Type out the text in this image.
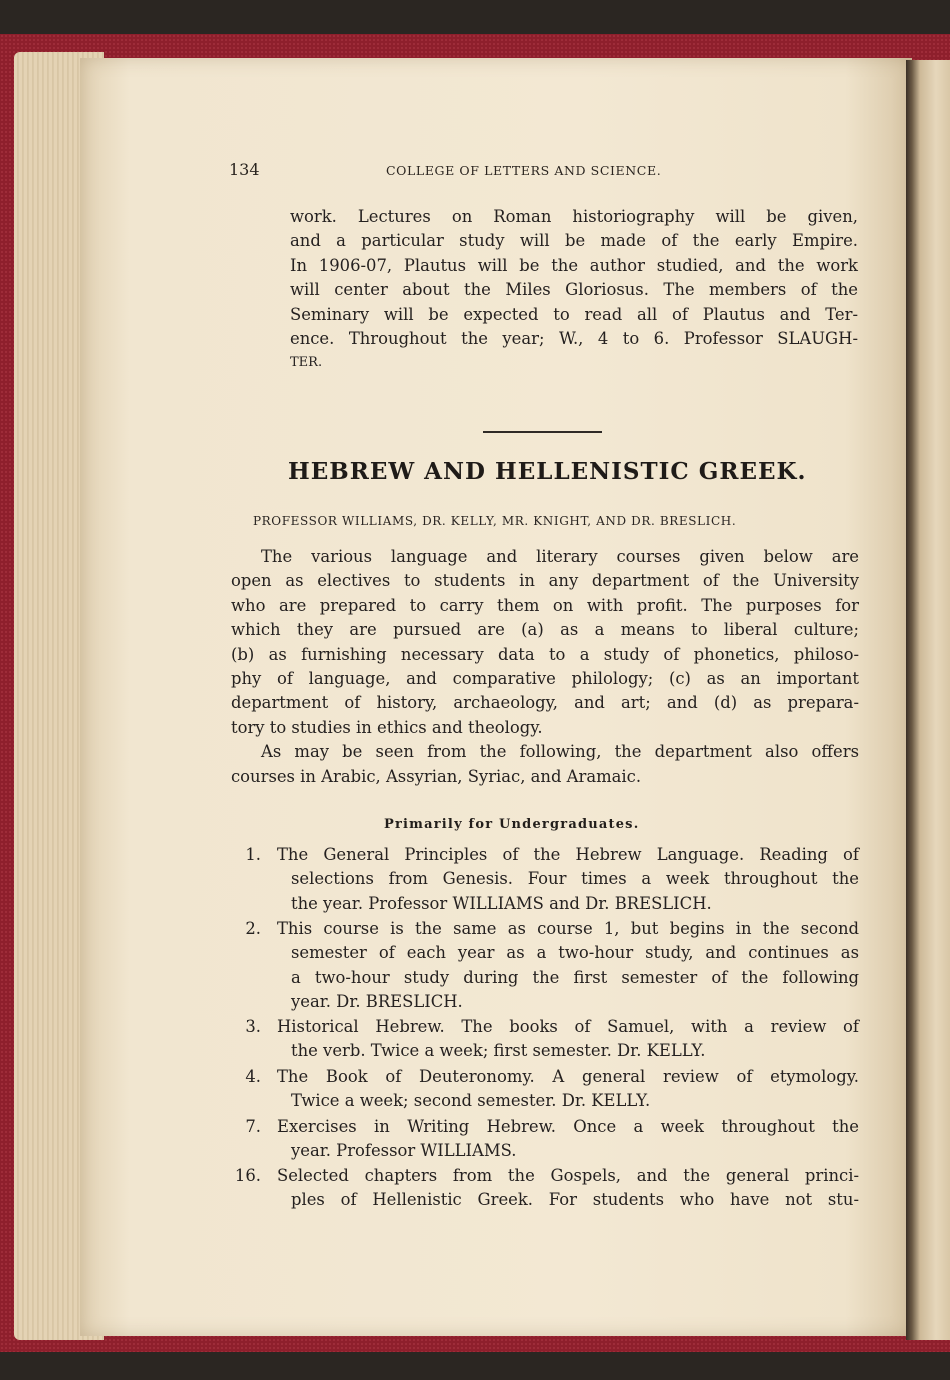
134	COLLEGE OF LETTERS AND SCIENCE.
work. Lectures on Roman historiography will be given,
and a particular study will be made of the early Empire.
In 1906-07, Plautus will be the author studied, and the work
will center about the Miles Gloriosus. The members of the
Seminary will be expected to read all of Plautus and Ter-
ence. Throughout the year; W., 4 to 6. Professor SLAUGH-
TER.
HEBREW AND HELLENISTIC GREEK.
PROFESSOR WILLIAMS, DR. KELLY, MR. KNIGHT, AND DR. BRESLICH.
The various language and literary courses given below are
open as electives to students in any department of the University
who are prepared to carry them on with profit. The purposes for
which they are pursued are (a) as a means to liberal culture;
(b) as furnishing necessary data to a study of phonetics, philoso-
phy of language, and comparative philology; (c) as an important
department of history, archaeology, and art; and (d) as prepara-
tory to studies in ethics and theology.
As may be seen from the following, the department also offers
courses in Arabic, Assyrian, Syriac, and Aramaic.
Primarily for Undergraduates.
1. The General Principles of the Hebrew Language. Reading of
selections from Genesis. Four times a week throughout the
the year. Professor WILLIAMS and Dr. BRESLICH.
2. This course is the same as course 1, but begins in the second
semester of each year as a two-hour study, and continues as
a two-hour study during the first semester of the following
year. Dr. BRESLICH.
3. Historical Hebrew. The books of Samuel, with a review of
the verb. Twice a week; first semester. Dr. KELLY.
4. The Book of Deuteronomy. A general review of etymology.
Twice a week; second semester. Dr. KELLY.
7. Exercises in Writing Hebrew. Once a week throughout the
year. Professor WILLIAMS.
16. Selected chapters from the Gospels, and the general princi-
ples of Hellenistic Greek. For students who have not stu-
